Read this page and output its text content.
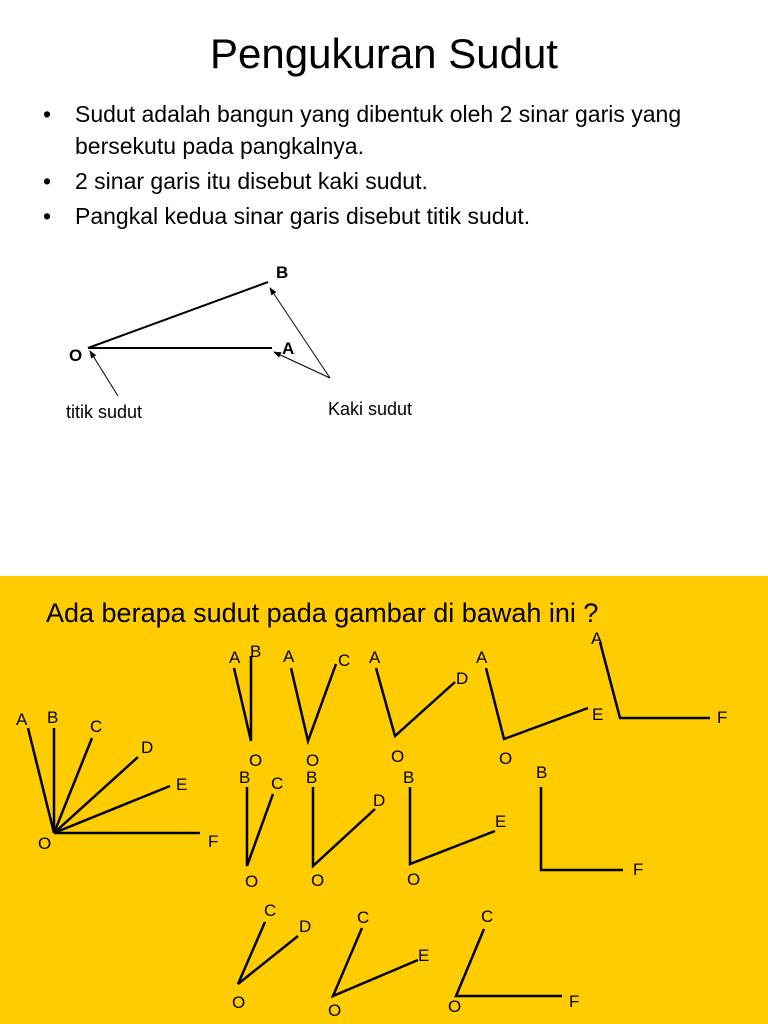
Pengukuran Sudut
• Sudut adalah bangun yang dibentuk oleh 2 sinar garis yang bersekutu pada pangkalnya.
• 2 sinar garis itu disebut kaki sudut.
• Pangkal kedua sinar garis disebut titik sudut.
O
B
A
titik sudut	Kaki sudut
O
A B C
D
E
F
A B
O
A	C
O
A
D
O
A
E
O
A
F
B C
O
B
D
O
B
E
O
B
F
C
D
O
C
E
O
C
O	F

Ada berapa sudut pada gambar di bawah ini ?
